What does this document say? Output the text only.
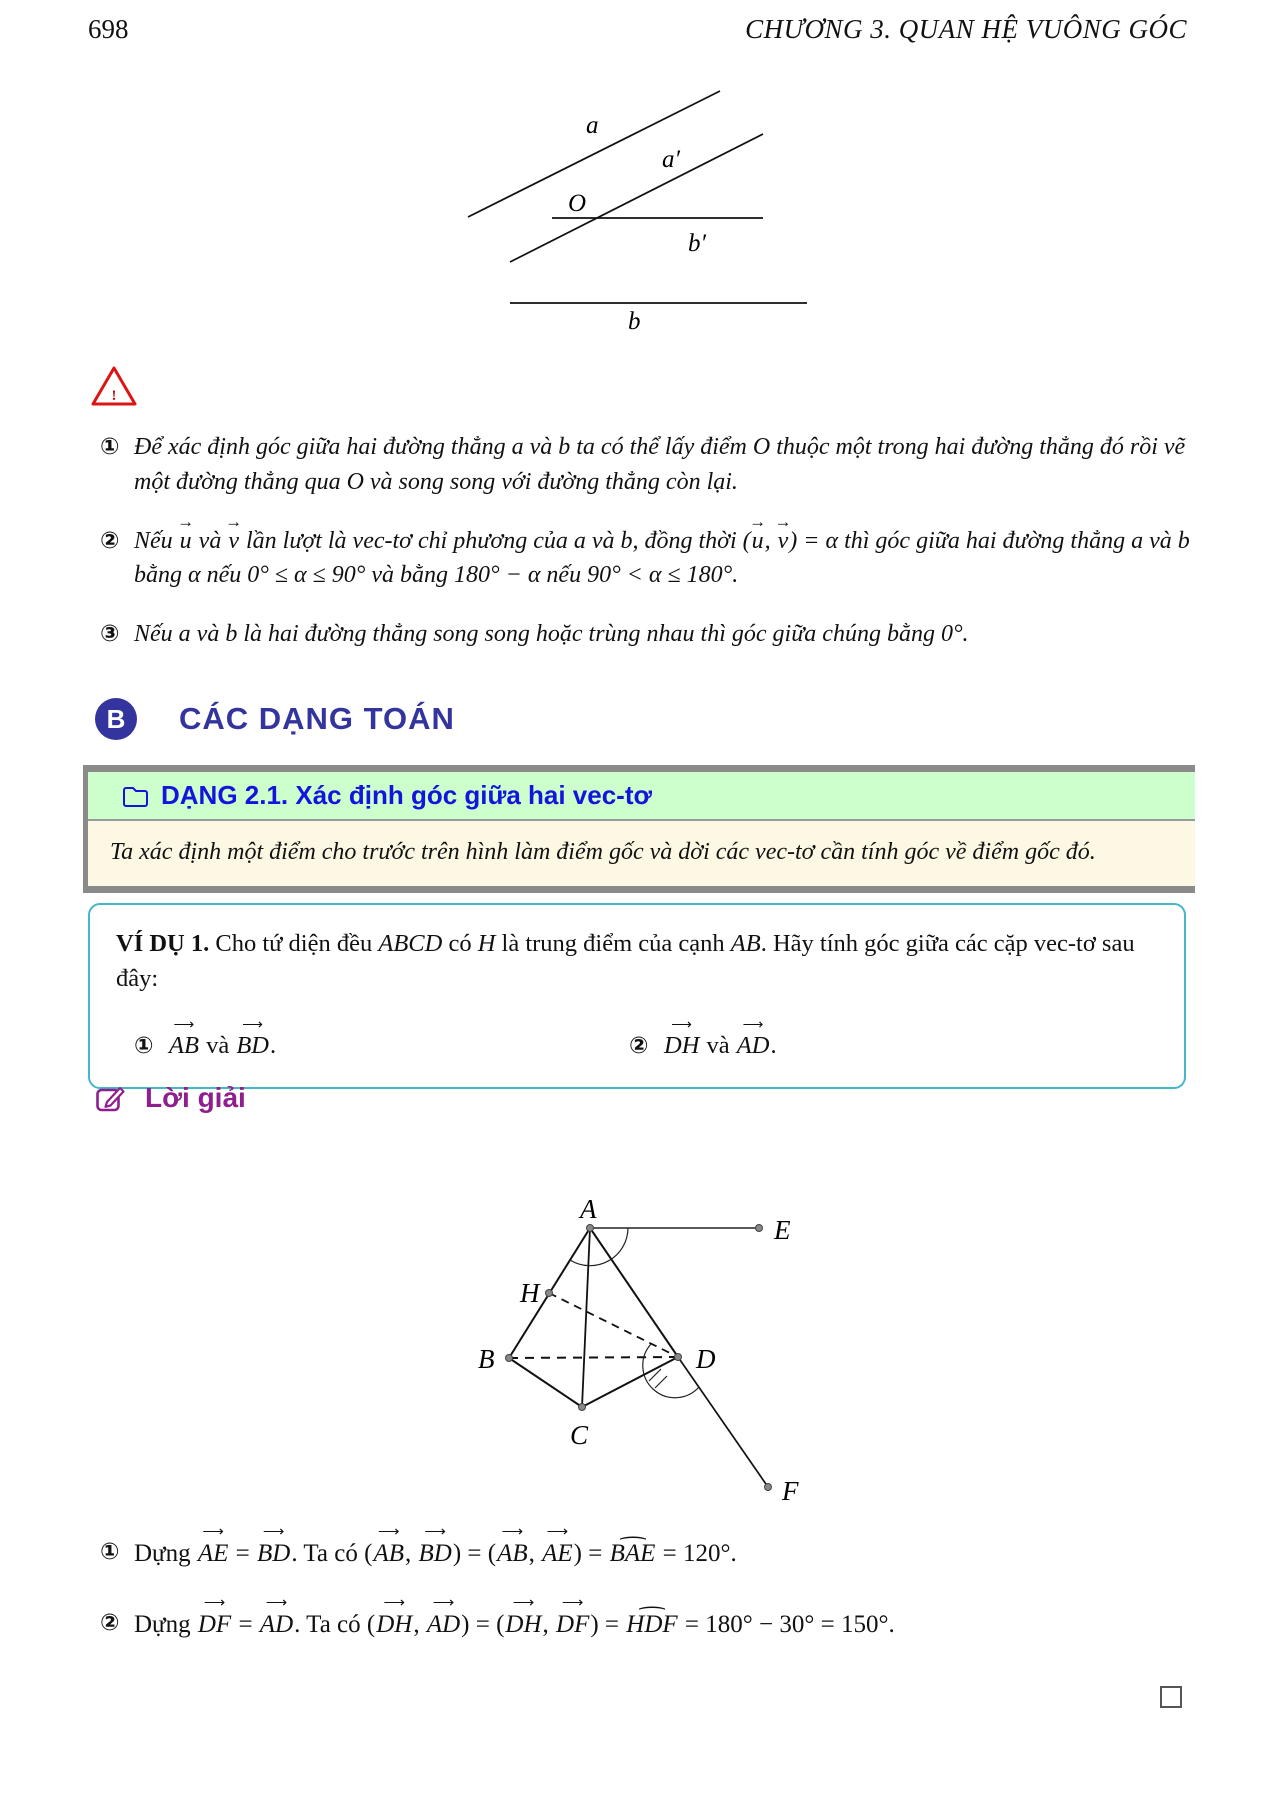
698	CHƯƠNG 3. QUAN HỆ VUÔNG GÓC
a
a′
O
b′
b
!
① Để xác định góc giữa hai đường thẳng a và b ta có thể lấy điểm O thuộc một trong hai đường thẳng đó rồi vẽ một đường thẳng qua O và song song với đường thẳng còn lại.
② Nếu → u và → v lần lượt là vec-tơ chỉ phương của a và b, đồng thời (→ u, → v) = α thì góc giữa hai đường thẳng a và b bằng α nếu 0° ≤ α ≤ 90° và bằng 180° − α nếu 90° < α ≤ 180°.
③ Nếu a và b là hai đường thẳng song song hoặc trùng nhau thì góc giữa chúng bằng 0°.
B	CÁC DẠNG TOÁN
DẠNG 2.1. Xác định góc giữa hai vec-tơ
Ta xác định một điểm cho trước trên hình làm điểm gốc và dời các vec-tơ cần tính góc về điểm gốc đó.
VÍ DỤ 1. Cho tứ diện đều ABCD có H là trung điểm của cạnh AB. Hãy tính góc giữa các cặp vec-tơ sau đây:
① ⟶ AB và ⟶ BD.	② ⟶ DH và ⟶ AD.
Lời giải
A
E
H
B	D
C
F
① Dựng ⟶ AE = ⟶ BD. Ta có (⟶ AB, ⟶ BD) = (⟶ AB, ⟶ AE) = ⌢ BAE = 120°.
② Dựng ⟶ DF = ⟶ AD. Ta có (⟶ DH, ⟶ AD) = (⟶ DH, ⟶ DF) = ⌢ HDF = 180° − 30° = 150°.
